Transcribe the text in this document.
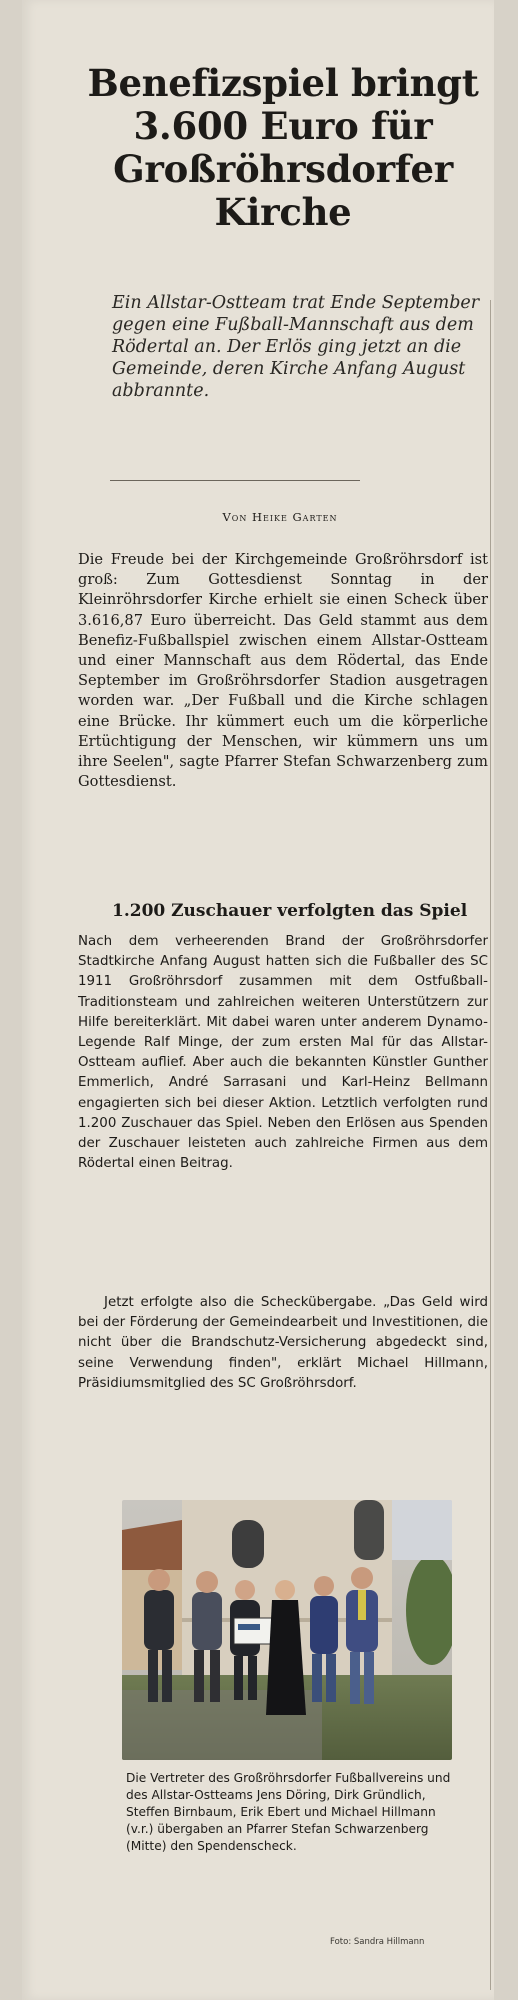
Benefizspiel bringt 3.600 Euro für Großröhrsdorfer Kirche

Ein Allstar-Ostteam trat Ende September gegen eine Fußball-Mannschaft aus dem Rödertal an. Der Erlös ging jetzt an die Gemeinde, deren Kirche Anfang August abbrannte.

Von Heike Garten

Die Freude bei der Kirchgemeinde Großröhrsdorf ist groß: Zum Gottesdienst Sonntag in der Kleinröhrsdorfer Kirche erhielt sie einen Scheck über 3.616,87 Euro überreicht. Das Geld stammt aus dem Benefiz-Fußballspiel zwischen einem Allstar-Ostteam und einer Mannschaft aus dem Rödertal, das Ende September im Großröhrsdorfer Stadion ausgetragen worden war. „Der Fußball und die Kirche schlagen eine Brücke. Ihr kümmert euch um die körperliche Ertüchtigung der Menschen, wir kümmern uns um ihre Seelen", sagte Pfarrer Stefan Schwarzenberg zum Gottesdienst.

1.200 Zuschauer verfolgten das Spiel

Nach dem verheerenden Brand der Großröhrsdorfer Stadtkirche Anfang August hatten sich die Fußballer des SC 1911 Großröhrsdorf zusammen mit dem Ostfußball-Traditionsteam und zahlreichen weiteren Unterstützern zur Hilfe bereiterklärt. Mit dabei waren unter anderem Dynamo-Legende Ralf Minge, der zum ersten Mal für das Allstar-Ostteam auflief. Aber auch die bekannten Künstler Gunther Emmerlich, André Sarrasani und Karl-Heinz Bellmann engagierten sich bei dieser Aktion. Letztlich verfolgten rund 1.200 Zuschauer das Spiel. Neben den Erlösen aus Spenden der Zuschauer leisteten auch zahlreiche Firmen aus dem Rödertal einen Beitrag.

Jetzt erfolgte also die Scheckübergabe. „Das Geld wird bei der Förderung der Gemeindearbeit und Investitionen, die nicht über die Brandschutz-Versicherung abgedeckt sind, seine Verwendung finden", erklärt Michael Hillmann, Präsidiumsmitglied des SC Großröhrsdorf.

Die Vertreter des Großröhrsdorfer Fußballvereins und des Allstar-Ostteams Jens Döring, Dirk Gründlich, Steffen Birnbaum, Erik Ebert und Michael Hillmann (v.r.) übergaben an Pfarrer Stefan Schwarzenberg (Mitte) den Spendenscheck.

Foto: Sandra Hillmann
